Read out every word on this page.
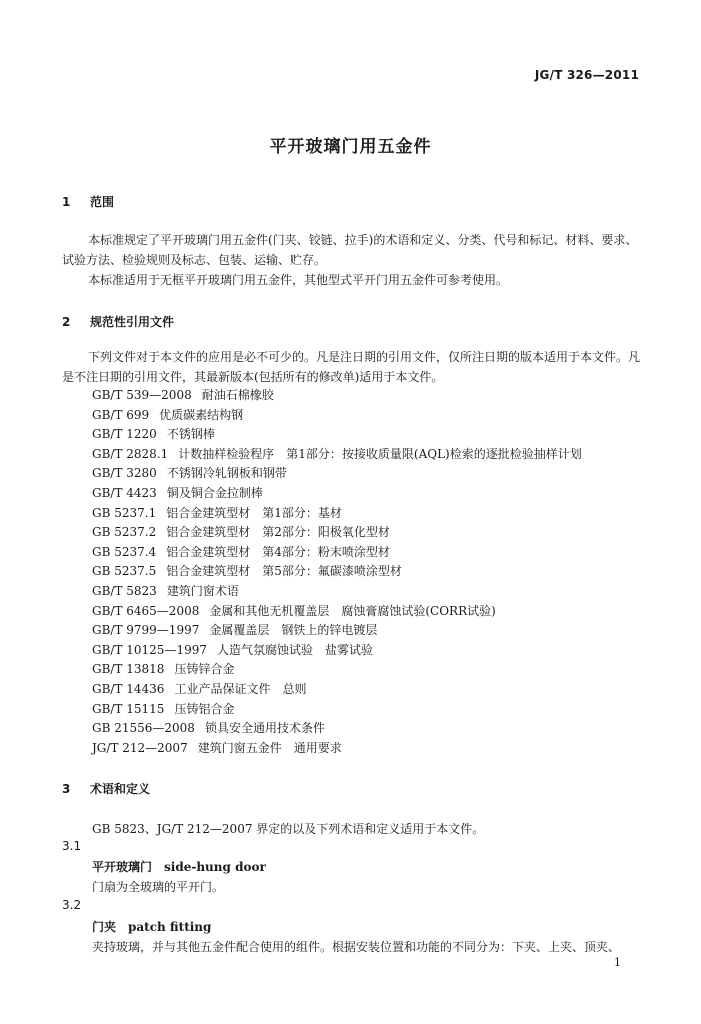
JG/T 326—2011
平开玻璃门用五金件
1 范围
本标准规定了平开玻璃门用五金件(门夹、铰链、拉手)的术语和定义、分类、代号和标记、材料、要求、试验方法、检验规则及标志、包装、运输、贮存。
本标准适用于无框平开玻璃门用五金件，其他型式平开门用五金件可参考使用。
2 规范性引用文件
下列文件对于本文件的应用是必不可少的。凡是注日期的引用文件，仅所注日期的版本适用于本文件。凡是不注日期的引用文件，其最新版本(包括所有的修改单)适用于本文件。
GB/T 539—2008 耐油石棉橡胶
GB/T 699 优质碳素结构钢
GB/T 1220 不锈钢棒
GB/T 2828.1 计数抽样检验程序　第1部分：按接收质量限(AQL)检索的逐批检验抽样计划
GB/T 3280 不锈钢冷轧钢板和钢带
GB/T 4423 铜及铜合金拉制棒
GB 5237.1 铝合金建筑型材　第1部分：基材
GB 5237.2 铝合金建筑型材　第2部分：阳极氧化型材
GB 5237.4 铝合金建筑型材　第4部分：粉末喷涂型材
GB 5237.5 铝合金建筑型材　第5部分：氟碳漆喷涂型材
GB/T 5823 建筑门窗术语
GB/T 6465—2008 金属和其他无机覆盖层　腐蚀膏腐蚀试验(CORR试验)
GB/T 9799—1997 金属覆盖层　钢铁上的锌电镀层
GB/T 10125—1997 人造气氛腐蚀试验　盐雾试验
GB/T 13818 压铸锌合金
GB/T 14436 工业产品保证文件　总则
GB/T 15115 压铸铝合金
GB 21556—2008 锁具安全通用技术条件
JG/T 212—2007 建筑门窗五金件　通用要求
3 术语和定义
GB 5823、JG/T 212—2007 界定的以及下列术语和定义适用于本文件。
3.1
平开玻璃门 side-hung door
门扇为全玻璃的平开门。
3.2
门夹 patch fitting
夹持玻璃，并与其他五金件配合使用的组件。根据安装位置和功能的不同分为：下夹、上夹、顶夹、
1
